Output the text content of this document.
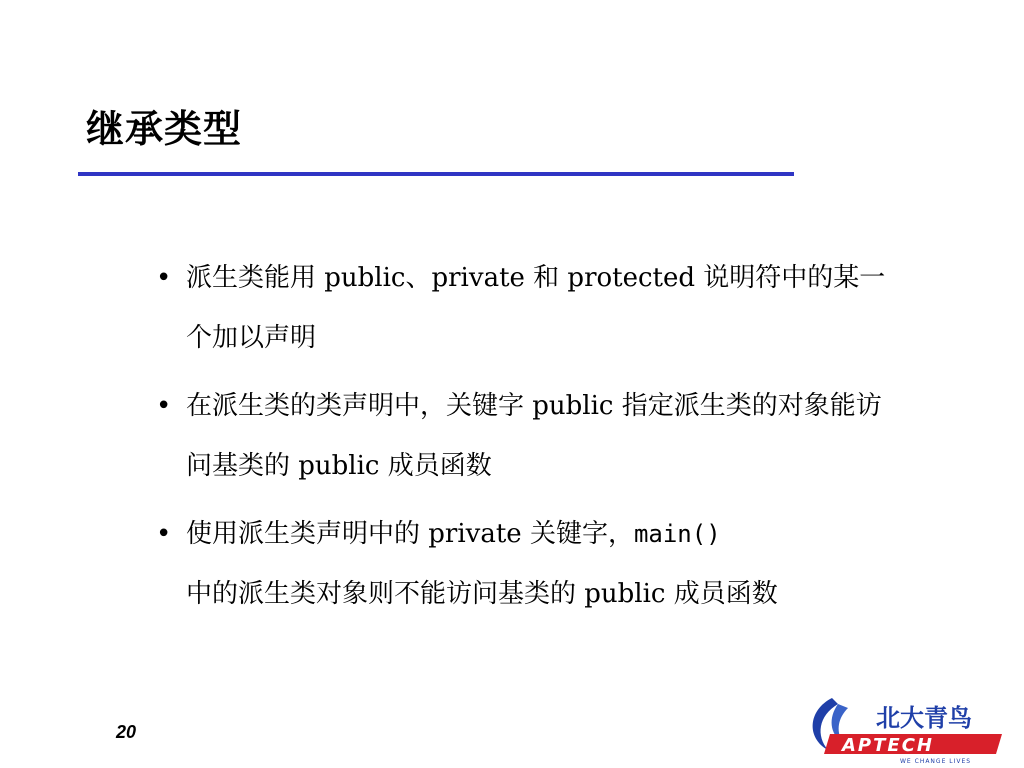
继承类型
• 派生类能用 public、private 和 protected 说明符中的某一个加以声明
• 在派生类的类声明中，关键字 public 指定派生类的对象能访问基类的 public 成员函数
• 使用派生类声明中的 private 关键字，main()
中的派生类对象则不能访问基类的 public 成员函数
20	北大青鸟
APTECH
WE CHANGE LIVES
